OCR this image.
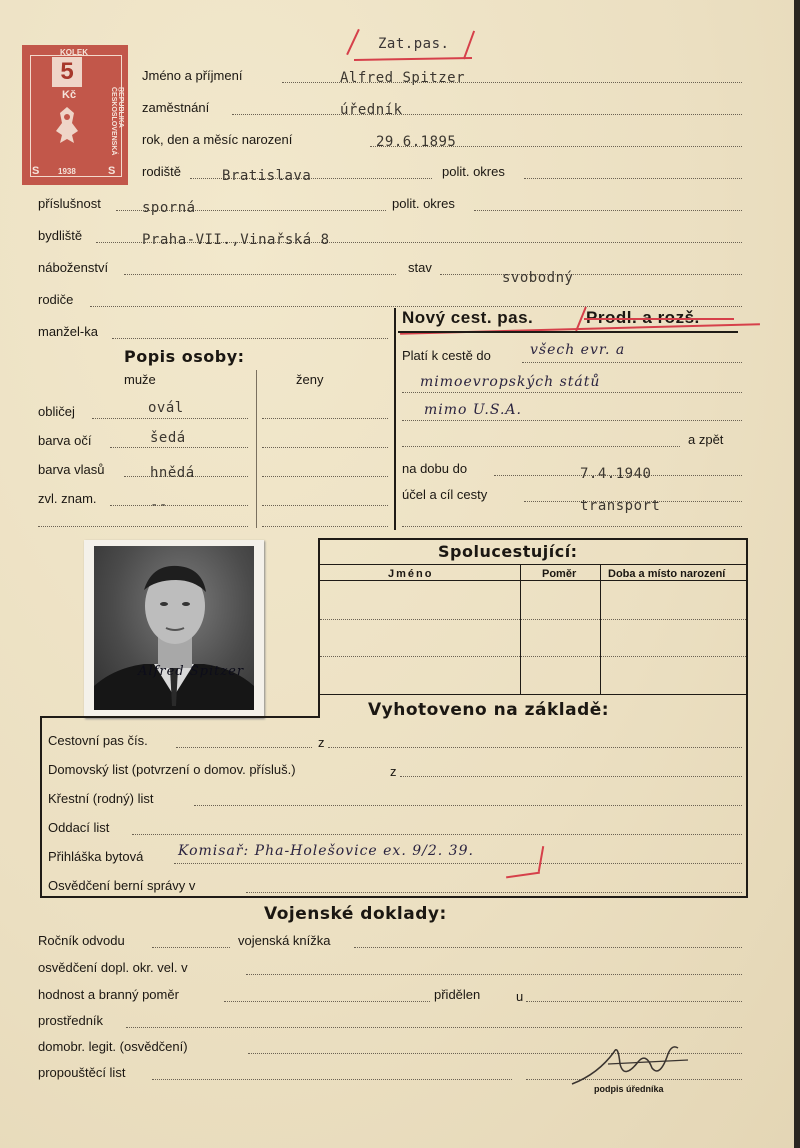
KOLEK
5
Kč	REPUBLIKA ČESKOSLOVENSKÁ
1938
S	S
Zat.pas.
Jméno a příjmení	Alfred Spitzer
zaměstnání	úředník
rok, den a měsíc narození	29.6.1895
rodiště	Bratislava	polit. okres
příslušnost	sporná	polit. okres
bydliště	Praha-VII.,Vinařská 8
náboženství	stav
svobodný
rodiče
manžel-ka
Popis osoby:
muže	ženy
obličej	ovál
barva očí	šedá
barva vlasů	hnědá
zvl. znam.	--
Nový cest. pas.
Platí k cestě do	všech evr. a
mimoevropských států
mimo U.S.A.
a zpět
na dobu do	7.4.1940
účel a cíl cesty
transport
Alfred Spitzer
Spolucestující:
Jméno	Poměr	Doba a místo narození
Vyhotoveno na základě:
Cestovní pas čís.	z
Domovský list (potvrzení o domov. přísluš.)	z
Křestní (rodný) list
Oddací list
Přihláška bytová Komisař: Pha-Holešovice ex. 9/2. 39.
Osvědčení berní správy v
Vojenské doklady:
Ročník odvodu	vojenská knížka
osvědčení dopl. okr. vel. v
hodnost a branný poměr	přidělen	u
prostředník
domobr. legit. (osvědčení)
propouštěcí list
podpis úředníka
